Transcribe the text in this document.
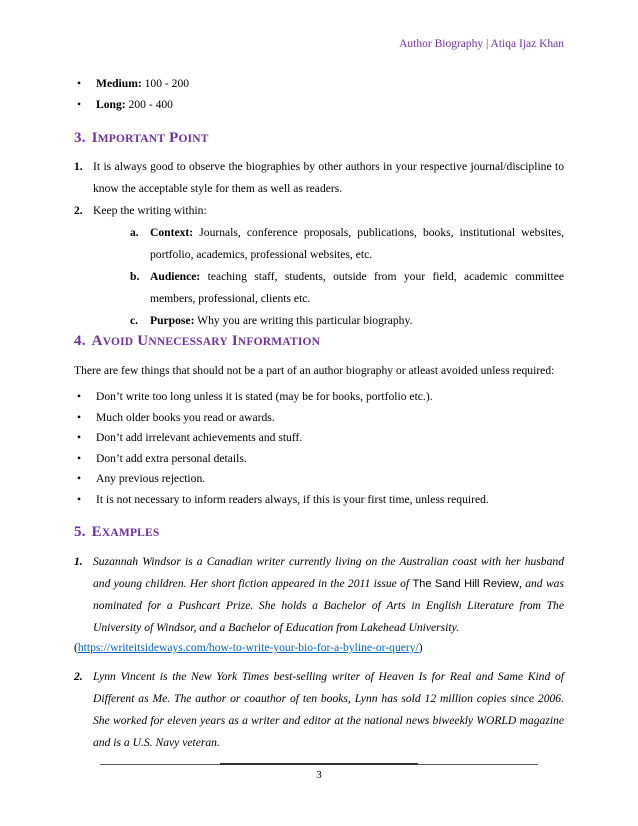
Author Biography | Atiqa Ijaz Khan
• Medium: 100 - 200
• Long: 200 - 400
3. IMPORTANT POINT
1. It is always good to observe the biographies by other authors in your respective journal/discipline to know the acceptable style for them as well as readers.
2. Keep the writing within:
a. Context: Journals, conference proposals, publications, books, institutional websites, portfolio, academics, professional websites, etc.
b. Audience: teaching staff, students, outside from your field, academic committee members, professional, clients etc.
c. Purpose: Why you are writing this particular biography.
4. AVOID UNNECESSARY INFORMATION
There are few things that should not be a part of an author biography or atleast avoided unless required:
• Don’t write too long unless it is stated (may be for books, portfolio etc.).
• Much older books you read or awards.
• Don’t add irrelevant achievements and stuff.
• Don’t add extra personal details.
• Any previous rejection.
• It is not necessary to inform readers always, if this is your first time, unless required.
5. EXAMPLES
1. Suzannah Windsor is a Canadian writer currently living on the Australian coast with her husband and young children. Her short fiction appeared in the 2011 issue of The Sand Hill Review, and was nominated for a Pushcart Prize. She holds a Bachelor of Arts in English Literature from The University of Windsor, and a Bachelor of Education from Lakehead University.
(https://writeitsideways.com/how-to-write-your-bio-for-a-byline-or-query/)
2. Lynn Vincent is the New York Times best-selling writer of Heaven Is for Real and Same Kind of Different as Me. The author or coauthor of ten books, Lynn has sold 12 million copies since 2006. She worked for eleven years as a writer and editor at the national news biweekly WORLD magazine and is a U.S. Navy veteran.
3
